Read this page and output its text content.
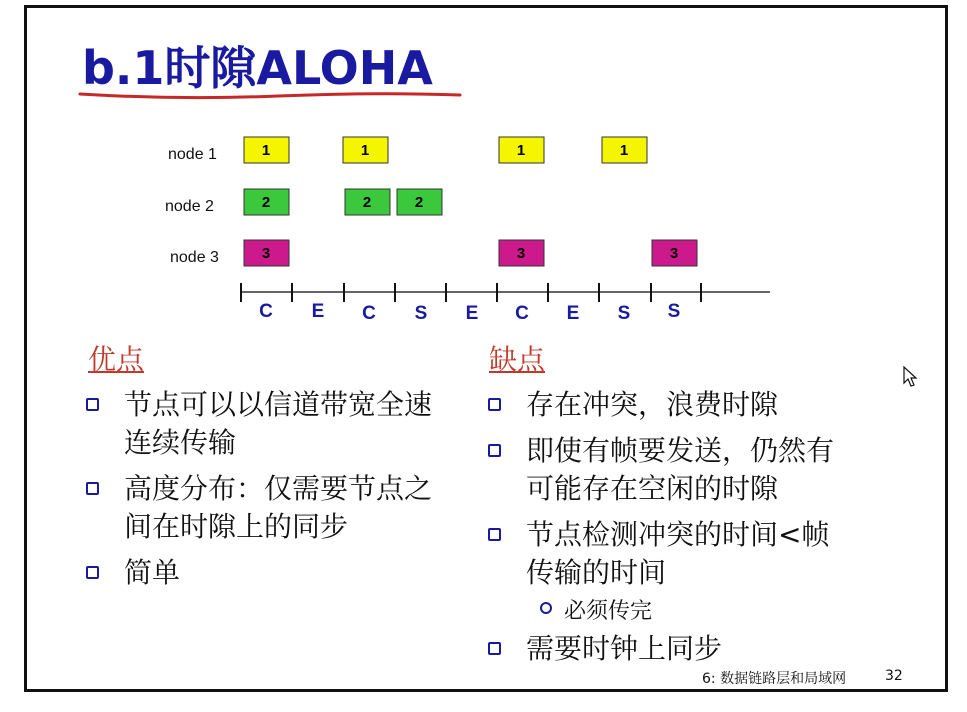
b.1时隙ALOHA
node 1
node 2
node 3
1	1	1	1
2	2	2
3	3	3
C E C S E C E S S
优点
节点可以以信道带宽全速连续传输
高度分布：仅需要节点之间在时隙上的同步
简单
缺点
存在冲突，浪费时隙
即使有帧要发送，仍然有可能存在空闲的时隙
节点检测冲突的时间<帧传输的时间
必须传完
需要时钟上同步
6: 数据链路层和局域网	32
